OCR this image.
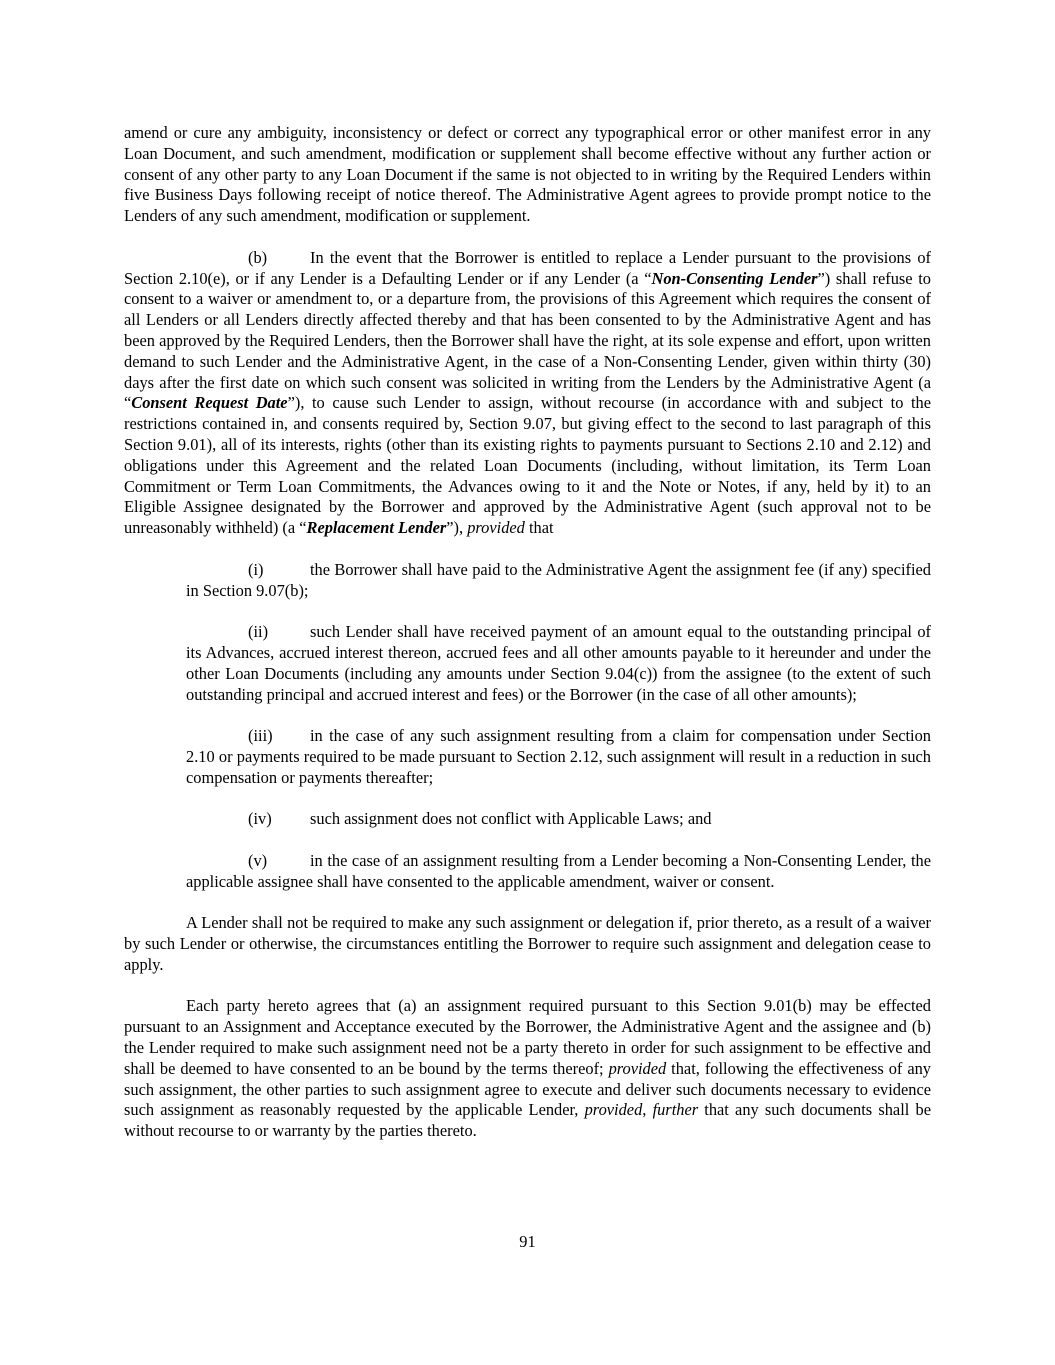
amend or cure any ambiguity, inconsistency or defect or correct any typographical error or other manifest error in any Loan Document, and such amendment, modification or supplement shall become effective without any further action or consent of any other party to any Loan Document if the same is not objected to in writing by the Required Lenders within five Business Days following receipt of notice thereof. The Administrative Agent agrees to provide prompt notice to the Lenders of any such amendment, modification or supplement.

(b)	In the event that the Borrower is entitled to replace a Lender pursuant to the provisions of Section 2.10(e), or if any Lender is a Defaulting Lender or if any Lender (a “Non-Consenting Lender”) shall refuse to consent to a waiver or amendment to, or a departure from, the provisions of this Agreement which requires the consent of all Lenders or all Lenders directly affected thereby and that has been consented to by the Administrative Agent and has been approved by the Required Lenders, then the Borrower shall have the right, at its sole expense and effort, upon written demand to such Lender and the Administrative Agent, in the case of a Non-Consenting Lender, given within thirty (30) days after the first date on which such consent was solicited in writing from the Lenders by the Administrative Agent (a “Consent Request Date”), to cause such Lender to assign, without recourse (in accordance with and subject to the restrictions contained in, and consents required by, Section 9.07, but giving effect to the second to last paragraph of this Section 9.01), all of its interests, rights (other than its existing rights to payments pursuant to Sections 2.10 and 2.12) and obligations under this Agreement and the related Loan Documents (including, without limitation, its Term Loan Commitment or Term Loan Commitments, the Advances owing to it and the Note or Notes, if any, held by it) to an Eligible Assignee designated by the Borrower and approved by the Administrative Agent (such approval not to be unreasonably withheld) (a “Replacement Lender”), provided that

(i)	the Borrower shall have paid to the Administrative Agent the assignment fee (if any) specified in Section 9.07(b);

(ii)	such Lender shall have received payment of an amount equal to the outstanding principal of its Advances, accrued interest thereon, accrued fees and all other amounts payable to it hereunder and under the other Loan Documents (including any amounts under Section 9.04(c)) from the assignee (to the extent of such outstanding principal and accrued interest and fees) or the Borrower (in the case of all other amounts);

(iii) in the case of any such assignment resulting from a claim for compensation under Section 2.10 or payments required to be made pursuant to Section 2.12, such assignment will result in a reduction in such compensation or payments thereafter;

(iv) such assignment does not conflict with Applicable Laws; and

(v)	in the case of an assignment resulting from a Lender becoming a Non-Consenting Lender, the applicable assignee shall have consented to the applicable amendment, waiver or consent.

A Lender shall not be required to make any such assignment or delegation if, prior thereto, as a result of a waiver by such Lender or otherwise, the circumstances entitling the Borrower to require such assignment and delegation cease to apply.

Each party hereto agrees that (a) an assignment required pursuant to this Section 9.01(b) may be effected pursuant to an Assignment and Acceptance executed by the Borrower, the Administrative Agent and the assignee and (b) the Lender required to make such assignment need not be a party thereto in order for such assignment to be effective and shall be deemed to have consented to an be bound by the terms thereof; provided that, following the effectiveness of any such assignment, the other parties to such assignment agree to execute and deliver such documents necessary to evidence such assignment as reasonably requested by the applicable Lender, provided, further that any such documents shall be without recourse to or warranty by the parties thereto.

91
